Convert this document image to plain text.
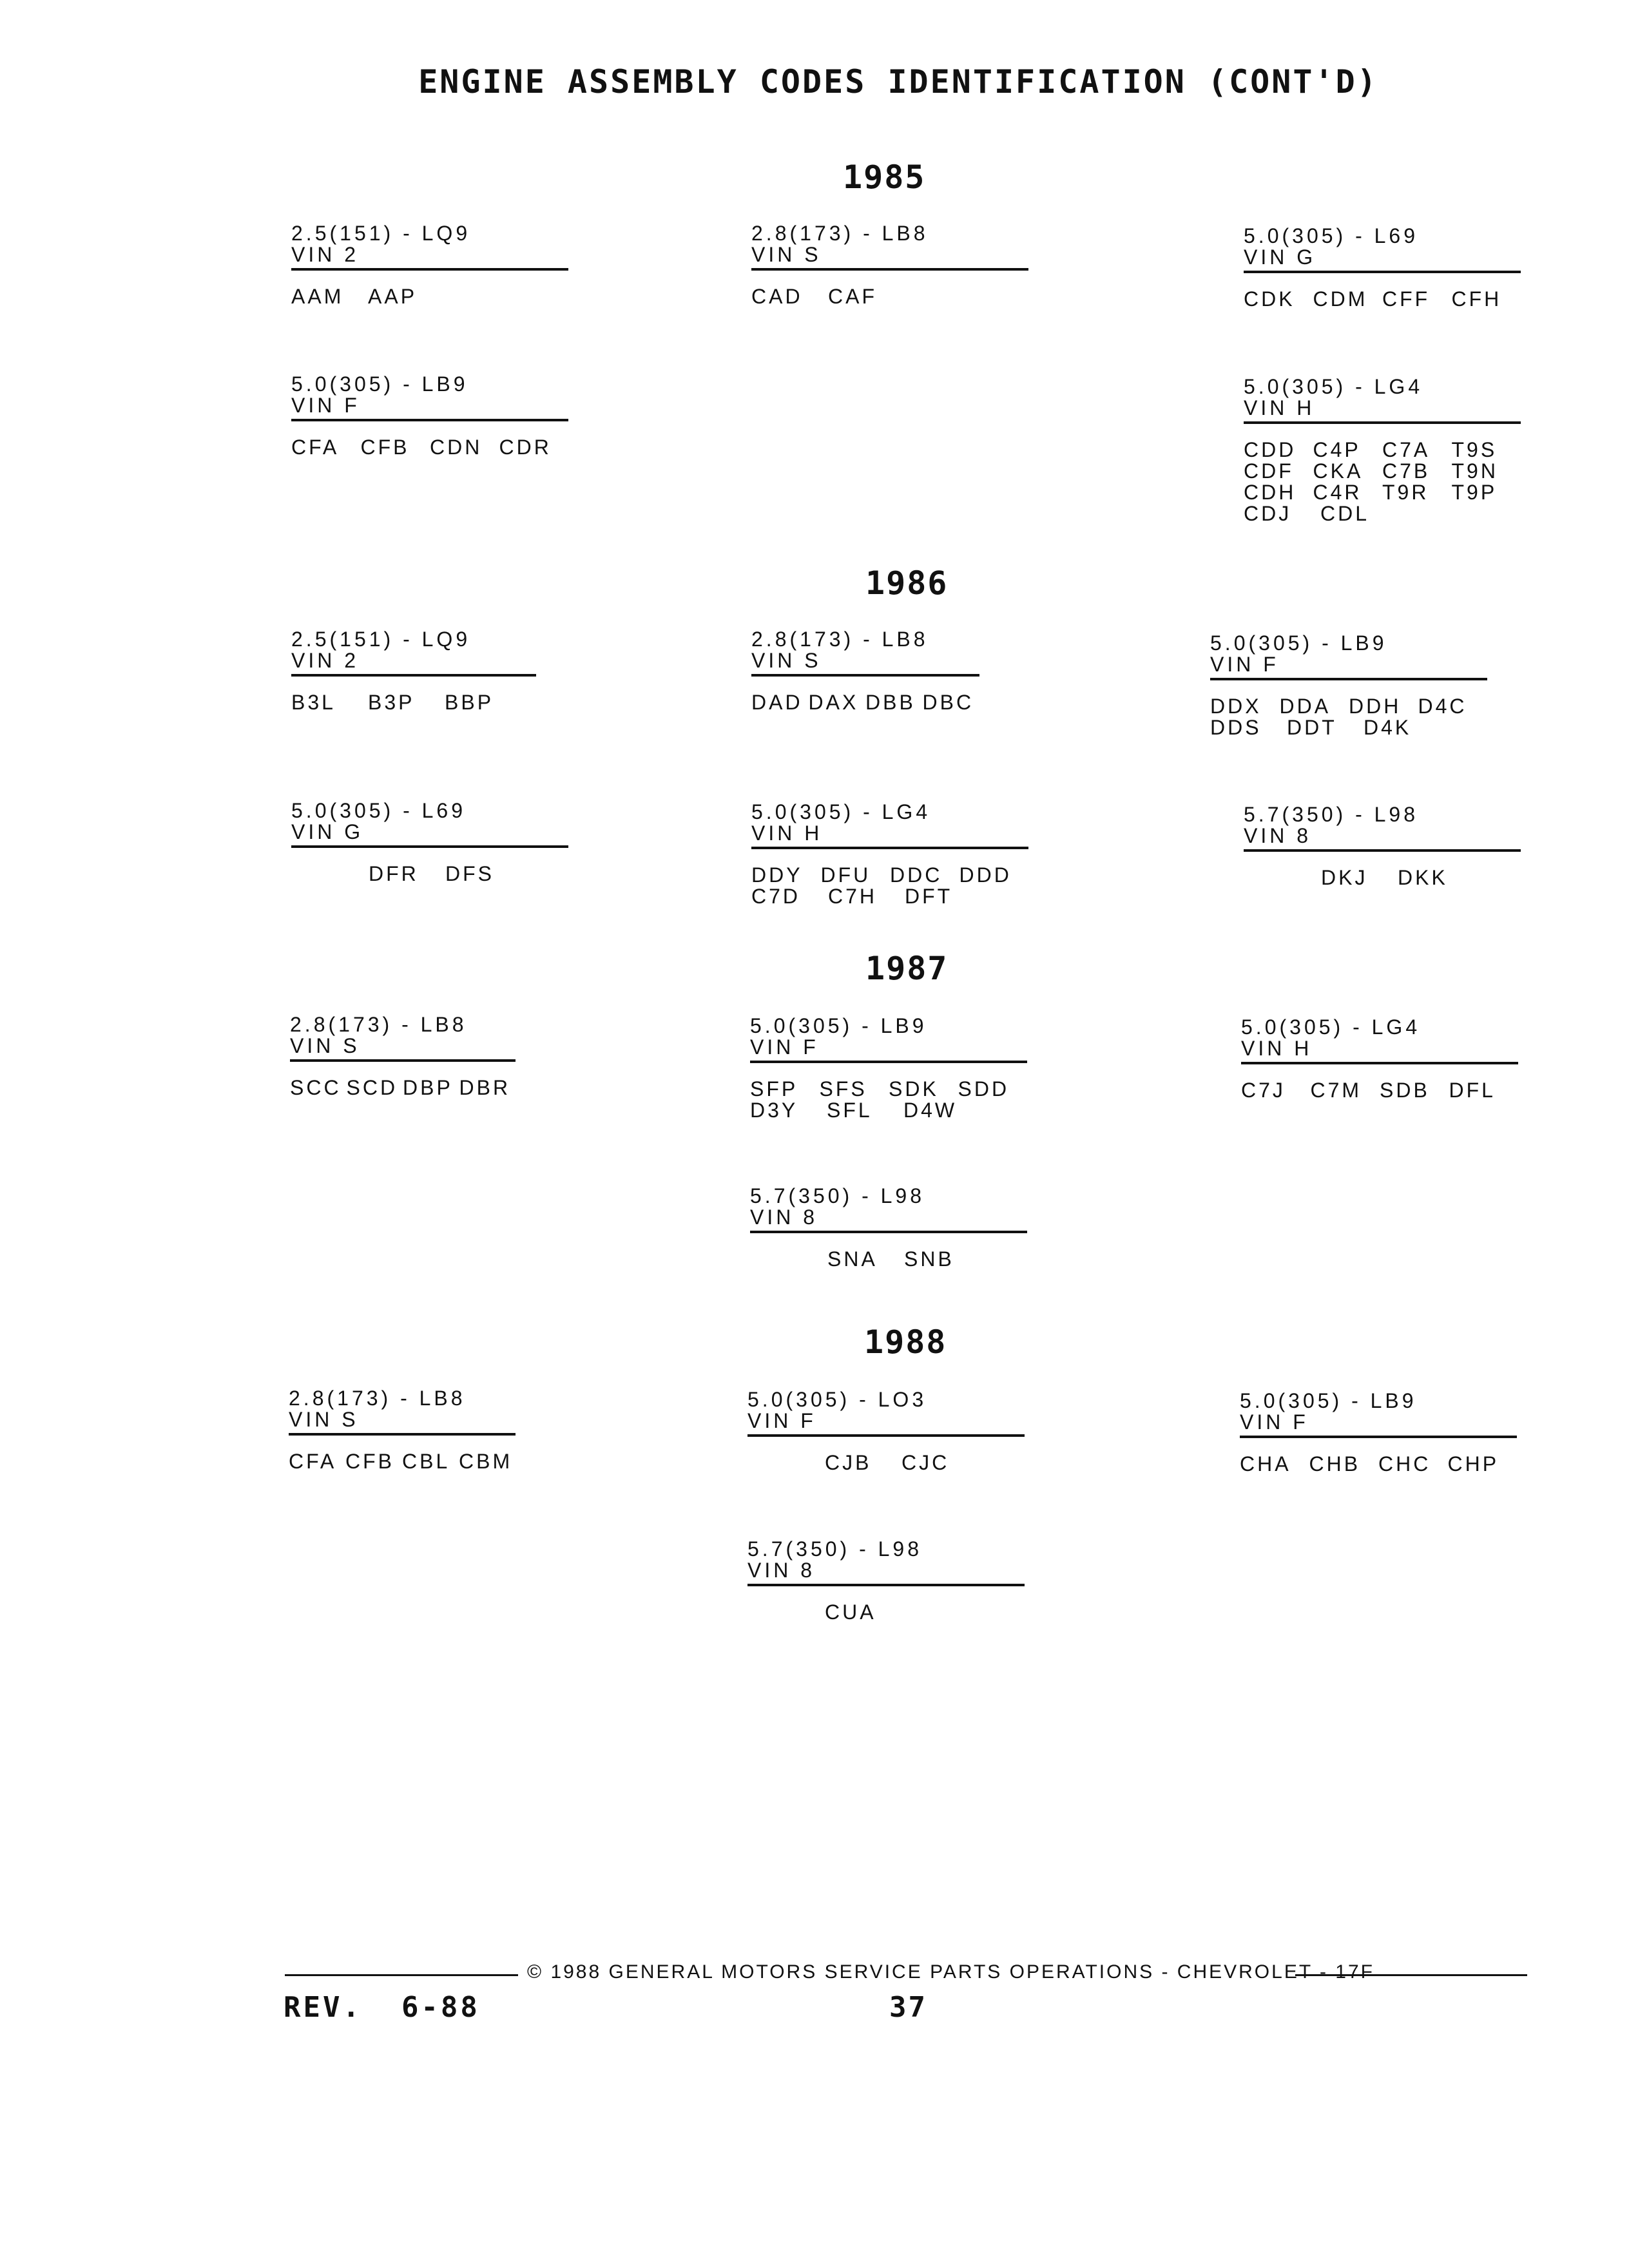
ENGINE ASSEMBLY CODES IDENTIFICATION (CONT'D)
1985
1986
1987
1988
2.5(151) - LQ9
VIN 2
AAM	AAP
2.8(173) - LB8
VIN S
CAD	CAF
5.0(305) - L69
VIN G
CDK CDM CFF	CFH
5.0(305) - LB9
VIN F
CFA	CFB CDN CDR
5.0(305) - LG4
VIN H
CDD C4P	C7A	T9S
CDF CKA C7B	T9N
CDH C4R T9R	T9P
CDJ	CDL
2.5(151) - LQ9
VIN 2
B3L	B3P	BBP
2.8(173) - LB8
VIN S
DAD DAX DBB DBC
5.0(305) - LB9
VIN F
DDX DDA DDH D4C
DDS	DDT	D4K
5.0(305) - L69
VIN G
DFR	DFS
5.0(305) - LG4
VIN H
DDY DFU DDC DDD
C7D	C7H	DFT
5.7(350) - L98
VIN 8
DKJ	DKK
2.8(173) - LB8
VIN S
SCC SCD DBP DBR
5.0(305) - LB9
VIN F
SFP	SFS	SDK SDD
D3Y	SFL	D4W
5.0(305) - LG4
VIN H
C7J	C7M SDB DFL
5.7(350) - L98
VIN 8
SNA	SNB
2.8(173) - LB8
VIN S
CFA CFB CBL CBM
5.0(305) - LO3
VIN F
CJB	CJC
5.0(305) - LB9
VIN F
CHA CHB CHC CHP
5.7(350) - L98
VIN 8
CUA
© 1988 GENERAL MOTORS SERVICE PARTS OPERATIONS - CHEVROLET - 17F
REV.  6-88	37
